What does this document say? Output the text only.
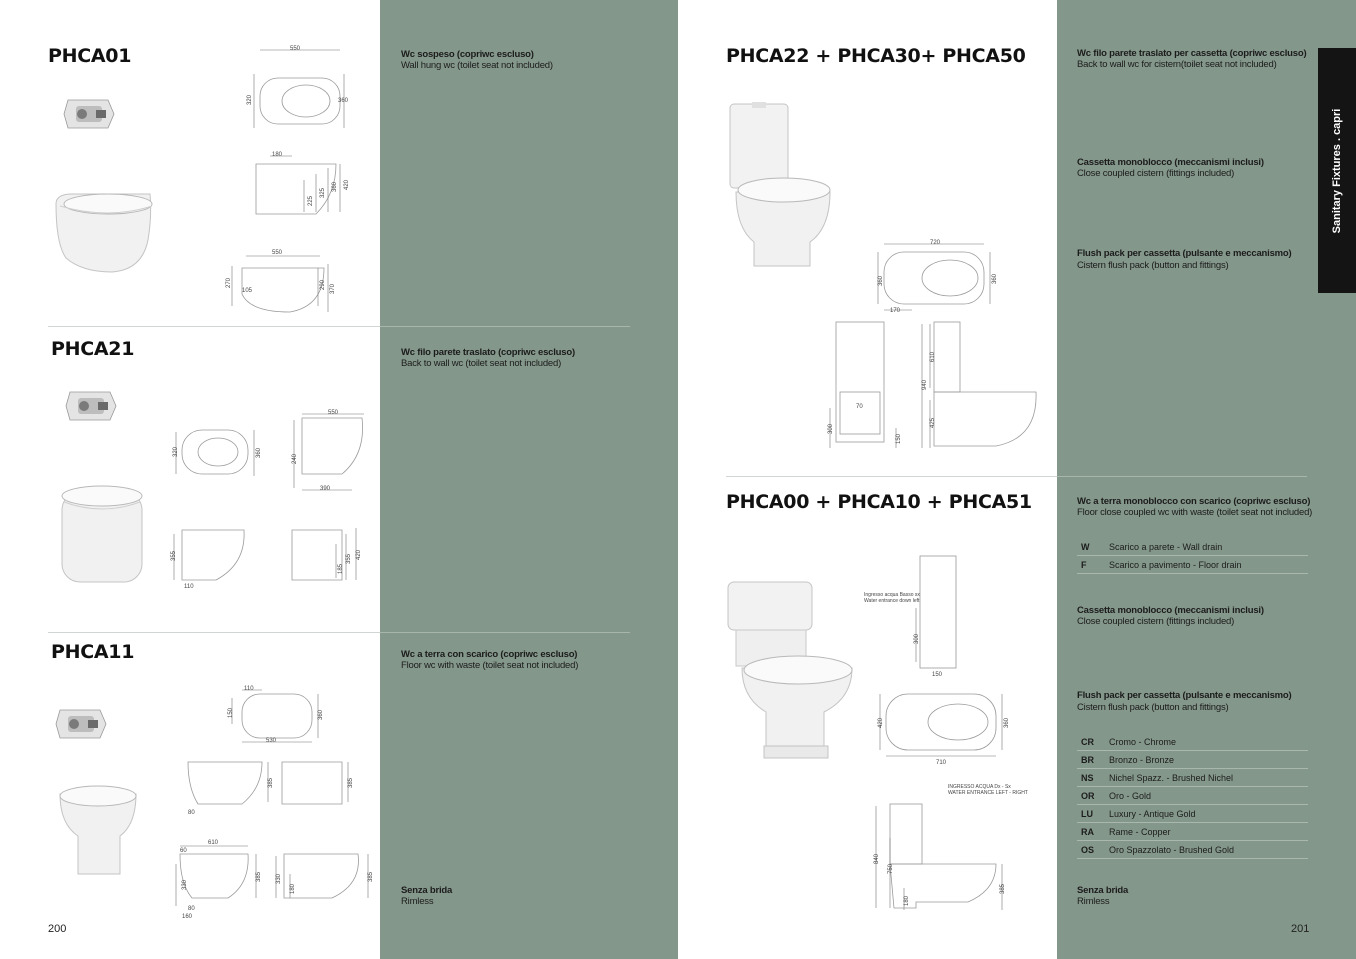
Sanitary Fixtures . capri
PHCA01	Wc sospeso (copriwc escluso)
Wall hung wc (toilet seat not included)
550
320	360
180
225
325
360 420
550
270
105
290 370
PHCA21	Wc filo parete traslato (copriwc escluso)
Back to wall wc (toilet seat not included)
320	360
550
240
390
355
110
185
355 420
PHCA11	Wc a terra con scarico (copriwc escluso)
Floor wc with waste (toilet seat not included)
Senza brida
Rimless
110
150	360
530
385	385
80
610
60
330
385
80
160
330
180
385
200
PHCA22 + PHCA30+ PHCA50	Wc filo parete traslato per cassetta (copriwc escluso)
Back to wall wc for cistern(toilet seat not included)
Cassetta monoblocco (meccanismi inclusi)
Close coupled cistern (fittings included)
Flush pack per cassetta (pulsante e meccanismo)
Cistern flush pack (button and fittings)
720
360	360
170
70
300
150
610
940
425
PHCA00 + PHCA10 + PHCA51	Wc a terra monoblocco con scarico (copriwc escluso)
Floor close coupled wc with waste (toilet seat not included)
W	Scarico a parete - Wall drain
F	Scarico a pavimento - Floor drain
Cassetta monoblocco (meccanismi inclusi)
Close coupled cistern (fittings included)
Flush pack per cassetta (pulsante e meccanismo)
Cistern flush pack (button and fittings)
CR	Cromo - Chrome
BR	Bronzo - Bronze
NS	Nichel Spazz. - Brushed Nichel
OR	Oro - Gold
LU	Luxury - Antique Gold
RA	Rame - Copper
OS	Oro Spazzolato - Brushed Gold
Senza brida
Rimless
Ingresso acqua Basso sx
Water entrance down left
300
150
420	360
710
INGRESSO ACQUA Dx - Sx
WATER ENTRANCE LEFT - RIGHT
840
750
180
385
201
